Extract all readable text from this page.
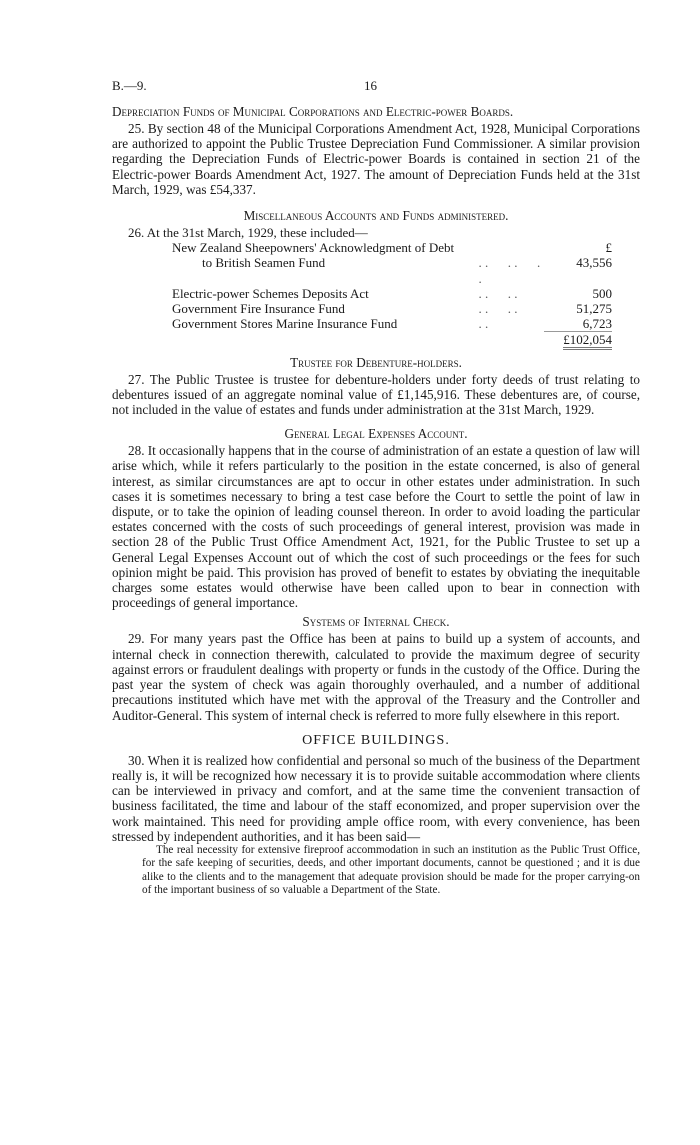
B.—9.	16
Depreciation Funds of Municipal Corporations and Electric-power Boards.

25. By section 48 of the Municipal Corporations Amendment Act, 1928, Municipal Corporations are authorized to appoint the Public Trustee Depreciation Fund Commissioner. A similar provision regarding the Depreciation Funds of Electric-power Boards is contained in section 21 of the Electric-power Boards Amendment Act, 1927. The amount of Depreciation Funds held at the 31st March, 1929, was £54,337.

Miscellaneous Accounts and Funds administered.
26. At the 31st March, 1929, these included—
New Zealand Sheepowners' Acknowledgment of Debt		£
to British Seamen Fund	. .      . .      . .	43,556
Electric-power Schemes Deposits Act	. .      . .	500
Government Fire Insurance Fund	. .      . .	51,275
Government Stores Marine Insurance Fund	. .	6,723

		£102,054
Trustee for Debenture-holders.

27. The Public Trustee is trustee for debenture-holders under forty deeds of trust relating to debentures issued of an aggregate nominal value of £1,145,916. These debentures are, of course, not included in the value of estates and funds under administration at the 31st March, 1929.

General Legal Expenses Account.

28. It occasionally happens that in the course of administration of an estate a question of law will arise which, while it refers particularly to the position in the estate concerned, is also of general interest, as similar circumstances are apt to occur in other estates under administration. In such cases it is sometimes necessary to bring a test case before the Court to settle the point of law in dispute, or to take the opinion of leading counsel thereon. In order to avoid loading the particular estates concerned with the costs of such proceedings of general interest, provision was made in section 28 of the Public Trust Office Amendment Act, 1921, for the Public Trustee to set up a General Legal Expenses Account out of which the cost of such proceedings or the fees for such opinion might be paid. This provision has proved of benefit to estates by obviating the inequitable charges some estates would otherwise have been called upon to bear in connection with proceedings of general importance.

Systems of Internal Check.

29. For many years past the Office has been at pains to build up a system of accounts, and internal check in connection therewith, calculated to provide the maximum degree of security against errors or fraudulent dealings with property or funds in the custody of the Office. During the past year the system of check was again thoroughly overhauled, and a number of additional precautions instituted which have met with the approval of the Treasury and the Controller and Auditor-General. This system of internal check is referred to more fully elsewhere in this report.

OFFICE BUILDINGS.

30. When it is realized how confidential and personal so much of the business of the Department really is, it will be recognized how necessary it is to provide suitable accommodation where clients can be interviewed in privacy and comfort, and at the same time the convenient transaction of business facilitated, the time and labour of the staff economized, and proper supervision over the work maintained. This need for providing ample office room, with every convenience, has been stressed by independent authorities, and it has been said—

The real necessity for extensive fireproof accommodation in such an institution as the Public Trust Office, for the safe keeping of securities, deeds, and other important documents, cannot be questioned ; and it is due alike to the clients and to the management that adequate provision should be made for the proper carrying-on of the important business of so valuable a Department of the State.
